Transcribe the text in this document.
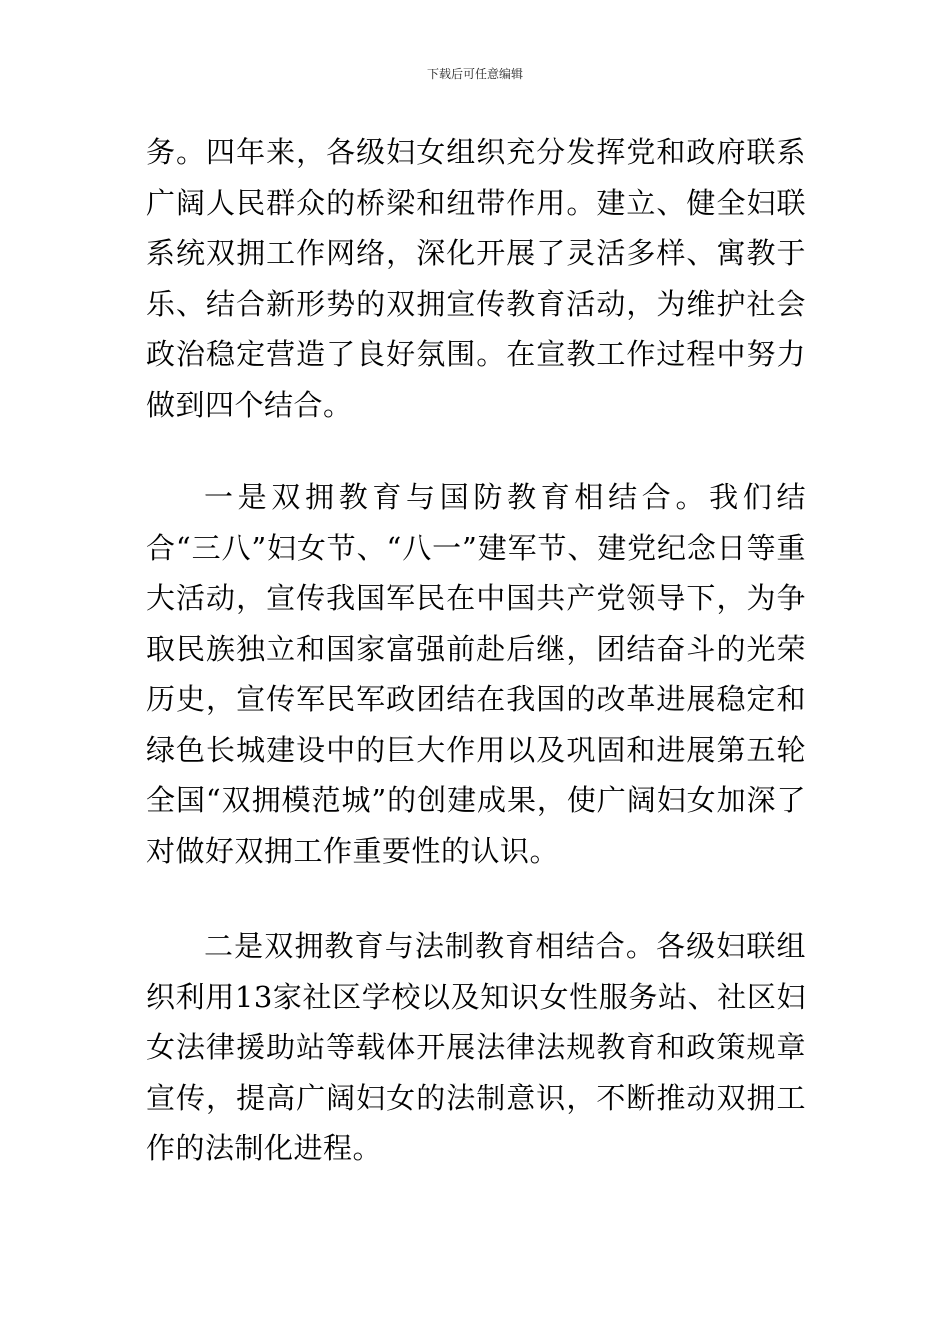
下载后可任意编辑

务。四年来，各级妇女组织充分发挥党和政府联系广阔人民群众的桥梁和纽带作用。建立、健全妇联系统双拥工作网络，深化开展了灵活多样、寓教于乐、结合新形势的双拥宣传教育活动，为维护社会政治稳定营造了良好氛围。在宣教工作过程中努力做到四个结合。

一是双拥教育与国防教育相结合。我们结合“三八”妇女节、“八一”建军节、建党纪念日等重大活动，宣传我国军民在中国共产党领导下，为争取民族独立和国家富强前赴后继，团结奋斗的光荣历史，宣传军民军政团结在我国的改革进展稳定和绿色长城建设中的巨大作用以及巩固和进展第五轮全国“双拥模范城”的创建成果，使广阔妇女加深了对做好双拥工作重要性的认识。

二是双拥教育与法制教育相结合。各级妇联组织利用13家社区学校以及知识女性服务站、社区妇女法律援助站等载体开展法律法规教育和政策规章宣传，提高广阔妇女的法制意识，不断推动双拥工作的法制化进程。
